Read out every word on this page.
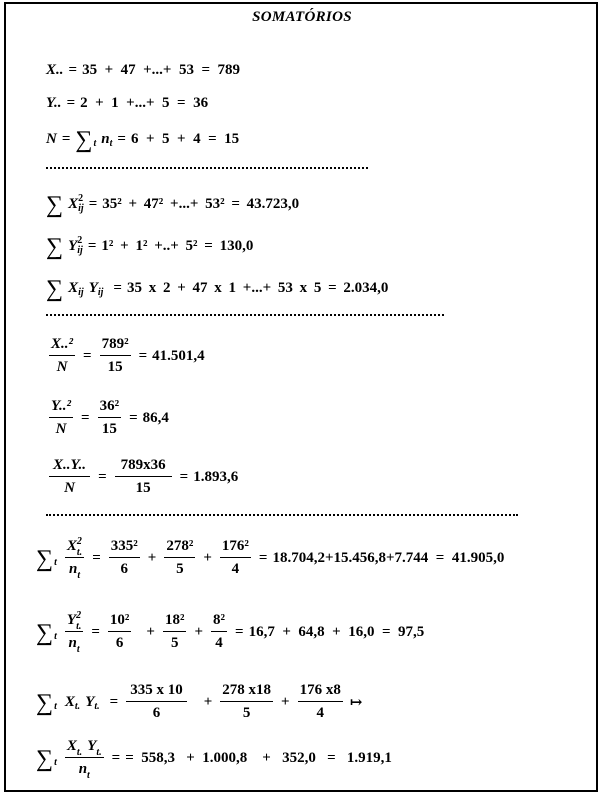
SOMATÓRIOS
X.. = 35  +  47  +...+  53  =  789
Y.. = 2  +  1  +...+  5  =  36
$N = \sum_t$ $n_t = 6 + 5 + 4 = 15$
∑ X 2
ij = 35² + 47² +...+ 53² = 43.723,0
∑ Y 2
ij = 1² + 1² +..+ 5² = 130,0
∑ $X_{ij}$ $Y_{ij} = 35$ x 2 + 47 x 1 +...+ 53 x 5 = 2.034,0
$\frac{\text{X..²}}{N} = \frac{\text{789²}}{15} = 41.501,4$
$\frac{\text{Y..²}}{N} = \frac{\text{36²}}{15} = 86,4$
$\frac{X..Y..}{N} = \frac{789x36}{15} = 1.893,6$
$\sum_t \frac{X^2_{t.}}{n_t} = \frac{\text{335²}}{6} + \frac{\text{278²}}{5} + \frac{\text{176²}}{4} = 18.704,2+15.456,8+7.744 = 41.905,0$
$\sum_t \frac{Y^2_{t.}}{n_t} = \frac{\text{10²}}{6} + \frac{\text{18²}}{5} + \frac{\text{8²}}{4} = 16,7 + 64,8 + 16,0 = 97,5$
$\sum_t$ $X_{t.}$ $Y_{t.} = \frac{335 x 10}{6} + \frac{278 x18}{5} + \frac{176 x8}{4}$ ↦
$\sum_t \frac{X_{t.} Y_{t.}}{n_t}$ = =  558,3   +  1.000,8    +   352,0   =   1.919,1
